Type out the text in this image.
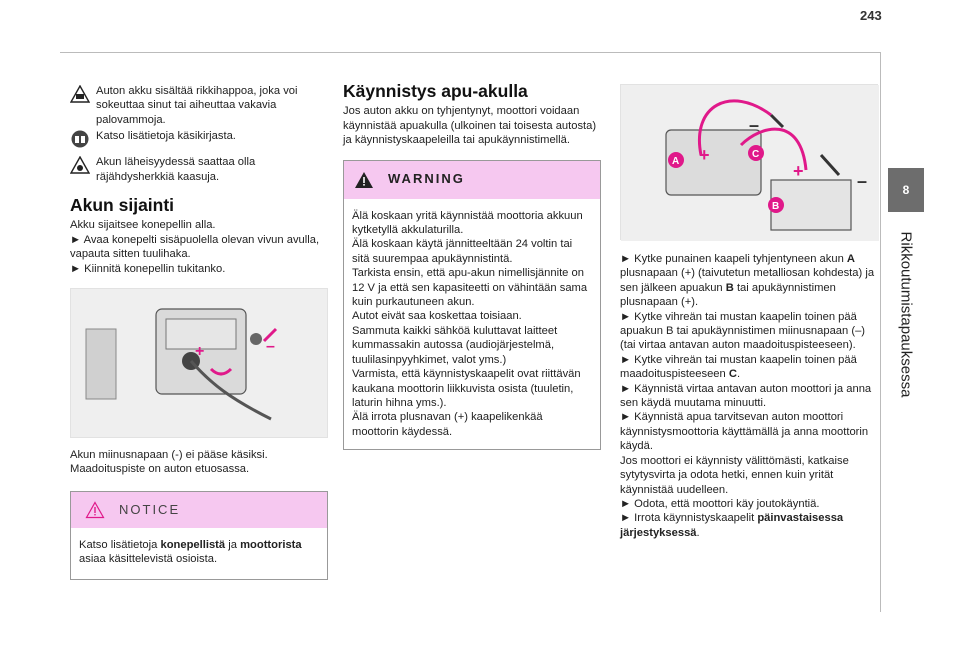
243
8
Rikkoutumistapauksessa
Auton akku sisältää rikkihappoa, joka voi sokeuttaa sinut tai aiheuttaa vakavia palovammoja.
Katso lisätietoja käsikirjasta.
Akun läheisyydessä saattaa olla räjähdysherkkiä kaasuja.
Akun sijainti

Akku sijaitsee konepellin alla.

► Avaa konepelti sisäpuolella olevan vivun avulla, vapauta sitten tuulihaka.

► Kiinnitä konepellin tukitanko.

+	–

Akun miinusnapaan (-) ei pääse käsiksi. Maadoituspiste on auton etuosassa.

NOTICE
Katso lisätietoja konepellistä ja moottorista asiaa käsittelevistä osioista.
Käynnistys apu-akulla

Jos auton akku on tyhjentynyt, moottori voidaan käynnistää apuakulla (ulkoinen tai toisesta autosta) ja käynnistyskaapeleilla tai apukäynnistimellä.

WARNING

Älä koskaan yritä käynnistää moottoria akkuun kytketyllä akkulaturilla.

Älä koskaan käytä jännitteeltään 24 voltin tai sitä suurempaa apukäynnistintä.

Tarkista ensin, että apu-akun nimellisjännite on 12 V ja että sen kapasiteetti on vähintään sama kuin purkautuneen akun.

Autot eivät saa koskettaa toisiaan.

Sammuta kaikki sähköä kuluttavat laitteet kummassakin autossa (audiojärjestelmä, tuulilasinpyyhkimet, valot yms.)

Varmista, että käynnistyskaapelit ovat riittävän kaukana moottorin liikkuvista osista (tuuletin, laturin hihna yms.).

Älä irrota plusnavan (+) kaapelikenkää moottorin käydessä.

+
+
–
–
A
B
C

► Kytke punainen kaapeli tyhjentyneen akun A plusnapaan (+) (taivutetun metalliosan kohdesta) ja sen jälkeen apuakun B tai apukäynnistimen plusnapaan (+).

► Kytke vihreän tai mustan kaapelin toinen pää apuakun B tai apukäynnistimen miinusnapaan (–) (tai virtaa antavan auton maadoituspisteeseen).

► Kytke vihreän tai mustan kaapelin toinen pää maadoituspisteeseen C.

► Käynnistä virtaa antavan auton moottori ja anna sen käydä muutama minuutti.

► Käynnistä apua tarvitsevan auton moottori käynnistysmoottoria käyttämällä ja anna moottorin käydä.

Jos moottori ei käynnisty välittömästi, katkaise sytytysvirta ja odota hetki, ennen kuin yrität käynnistää uudelleen.

► Odota, että moottori käy joutokäyntiä.

► Irrota käynnistyskaapelit päinvastaisessa järjestyksessä.
